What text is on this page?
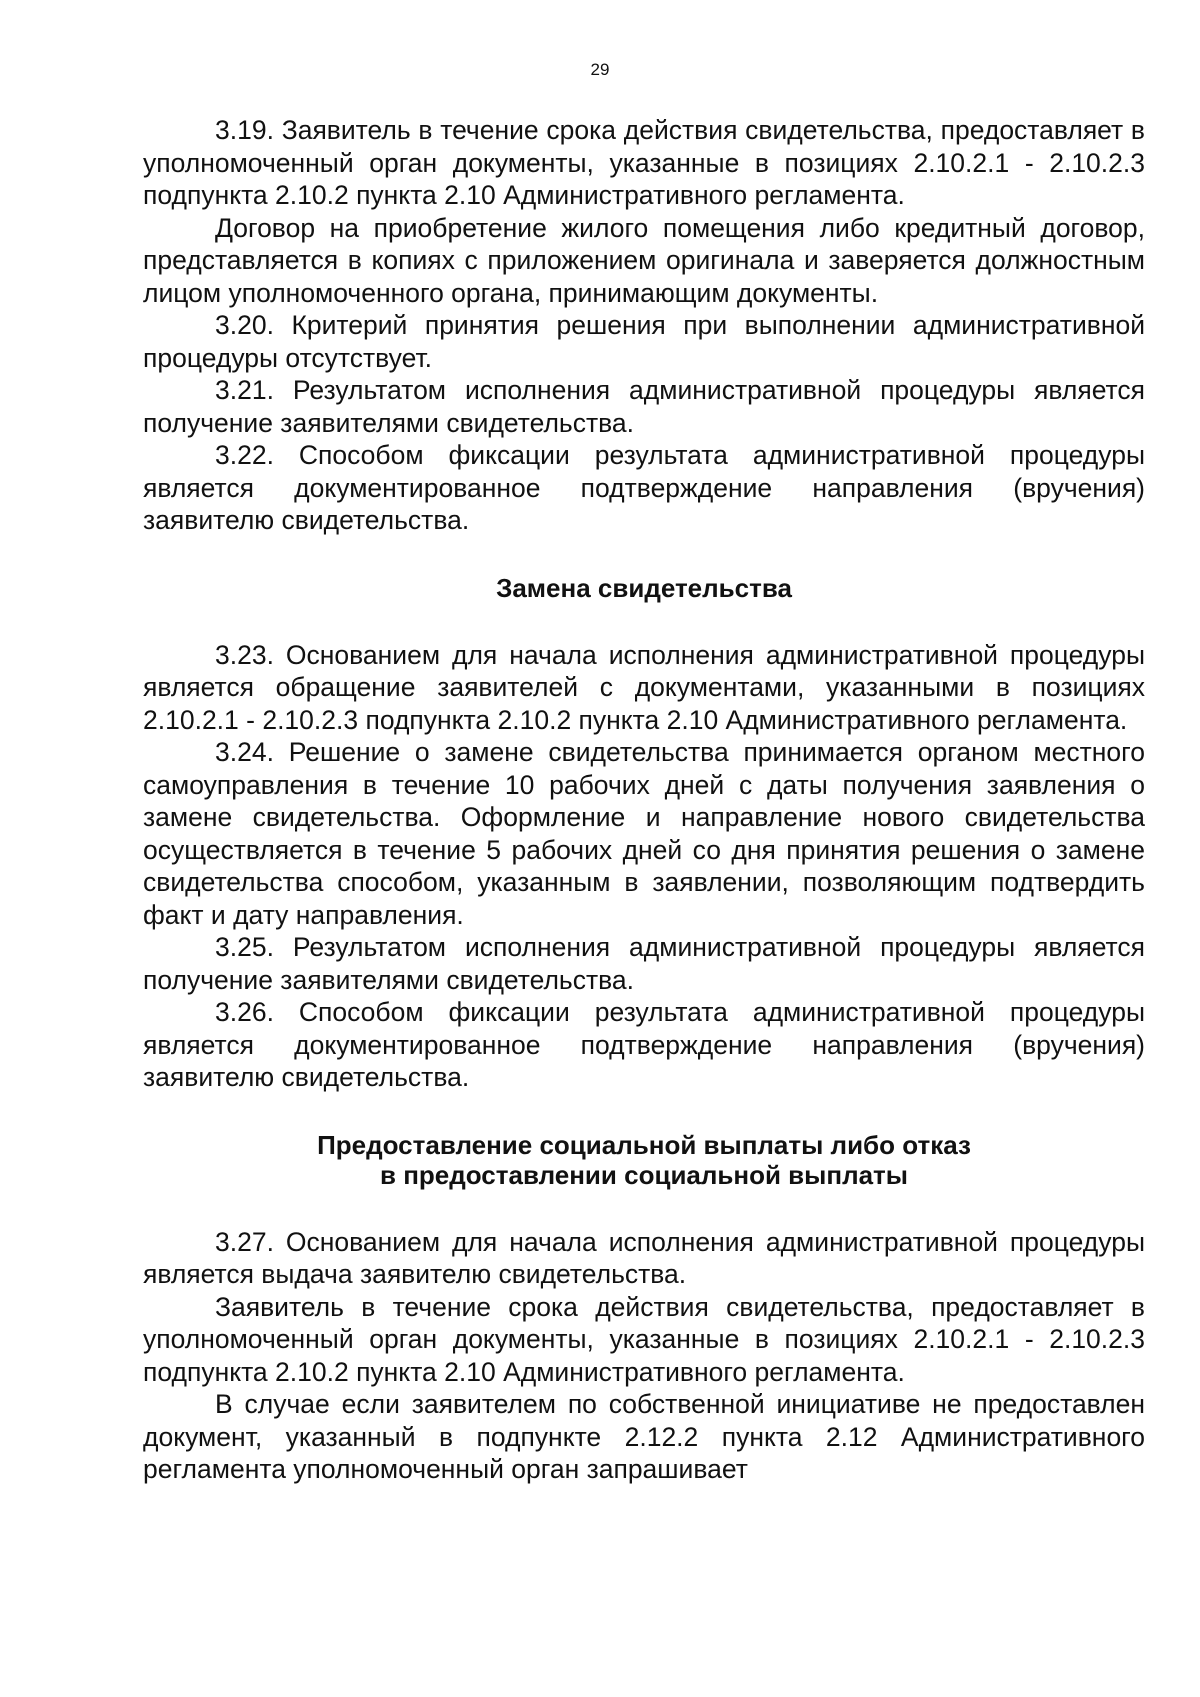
29

3.19. Заявитель в течение срока действия свидетельства, предоставляет в уполномоченный орган документы, указанные в позициях 2.10.2.1 - 2.10.2.3 подпункта 2.10.2 пункта 2.10 Административного регламента.

Договор на приобретение жилого помещения либо кредитный договор, представляется в копиях с приложением оригинала и заверяется должностным лицом уполномоченного органа, принимающим документы.

3.20. Критерий принятия решения при выполнении административной процедуры отсутствует.

3.21. Результатом исполнения административной процедуры является получение заявителями свидетельства.

3.22. Способом фиксации результата административной процедуры является документированное подтверждение направления (вручения) заявителю свидетельства.

Замена свидетельства

3.23. Основанием для начала исполнения административной процедуры является обращение заявителей с документами, указанными в позициях 2.10.2.1 - 2.10.2.3 подпункта 2.10.2 пункта 2.10 Административного регламента.

3.24. Решение о замене свидетельства принимается органом местного самоуправления в течение 10 рабочих дней с даты получения заявления о замене свидетельства. Оформление и направление нового свидетельства осуществляется в течение 5 рабочих дней со дня принятия решения о замене свидетельства способом, указанным в заявлении, позволяющим подтвердить факт и дату направления.

3.25. Результатом исполнения административной процедуры является получение заявителями свидетельства.

3.26. Способом фиксации результата административной процедуры является документированное подтверждение направления (вручения) заявителю свидетельства.

Предоставление социальной выплаты либо отказ
в предоставлении социальной выплаты

3.27. Основанием для начала исполнения административной процедуры является выдача заявителю свидетельства.

Заявитель в течение срока действия свидетельства, предоставляет в уполномоченный орган документы, указанные в позициях 2.10.2.1 - 2.10.2.3 подпункта 2.10.2 пункта 2.10 Административного регламента.

В случае если заявителем по собственной инициативе не предоставлен документ, указанный в подпункте 2.12.2 пункта 2.12 Административного регламента уполномоченный орган запрашивает
